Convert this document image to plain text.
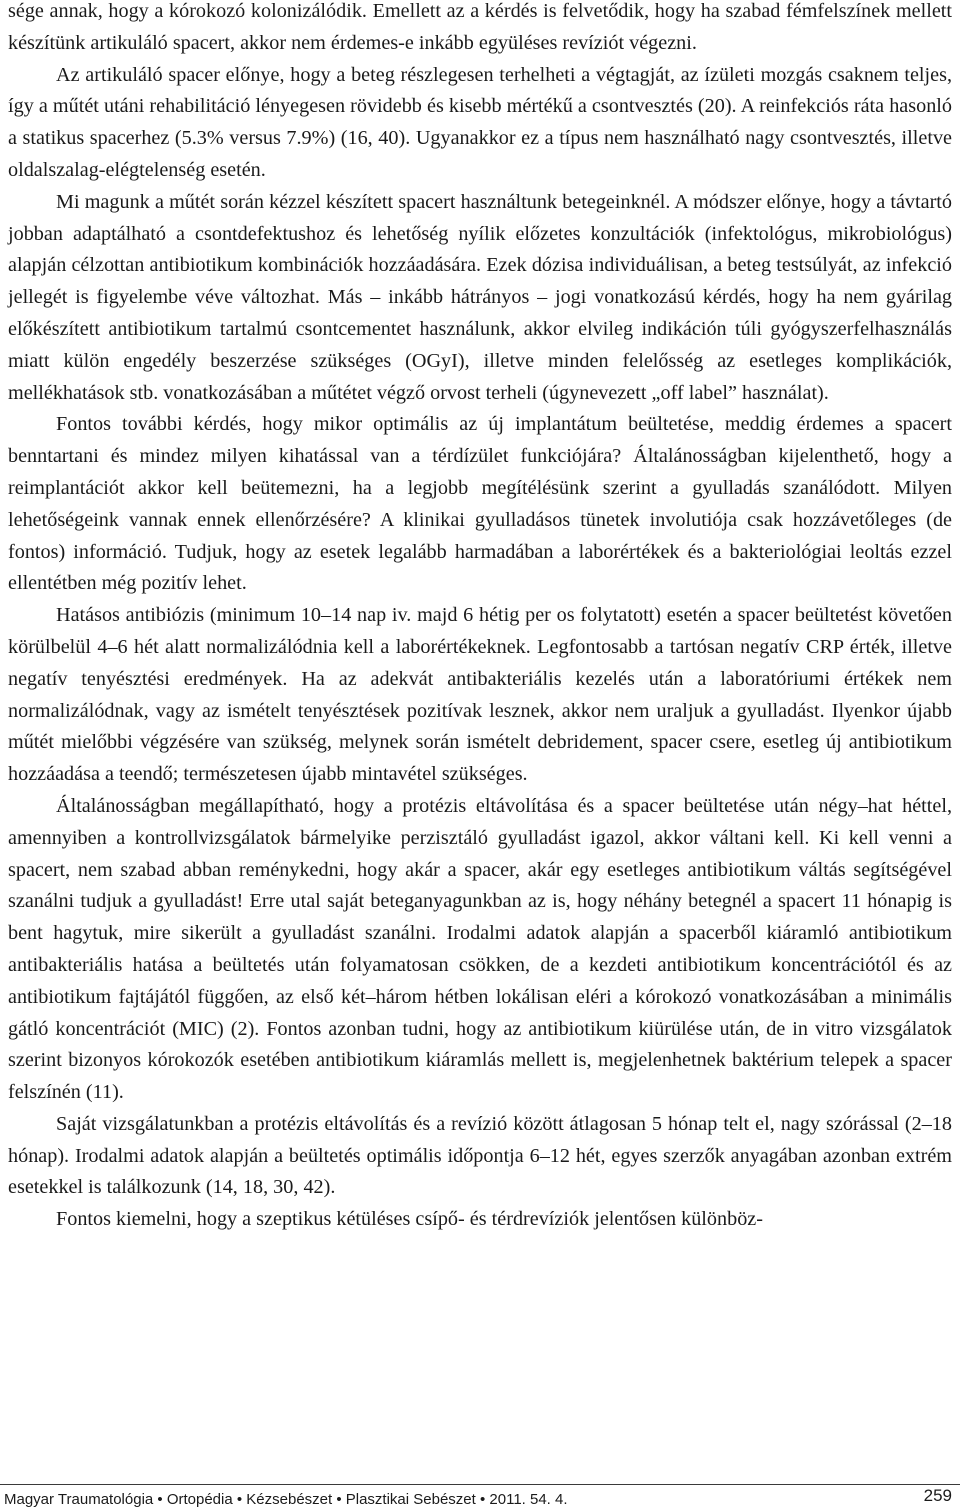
sége annak, hogy a kórokozó kolonizálódik. Emellett az a kérdés is felvetődik, hogy ha szabad fémfelszínek mellett készítünk artikuláló spacert, akkor nem érdemes-e inkább együléses revíziót végezni.

Az artikuláló spacer előnye, hogy a beteg részlegesen terhelheti a végtagját, az ízületi mozgás csaknem teljes, így a műtét utáni rehabilitáció lényegesen rövidebb és kisebb mértékű a csontvesztés (20). A reinfekciós ráta hasonló a statikus spacerhez (5.3% versus 7.9%) (16, 40). Ugyanakkor ez a típus nem használható nagy csontvesztés, illetve oldalszalag-elégtelenség esetén.

Mi magunk a műtét során kézzel készített spacert használtunk betegeinknél. A módszer előnye, hogy a távtartó jobban adaptálható a csontdefektushoz és lehetőség nyílik előzetes konzultációk (infektológus, mikrobiológus) alapján célzottan antibiotikum kombinációk hozzáadására. Ezek dózisa individuálisan, a beteg testsúlyát, az infekció jellegét is figyelembe véve változhat. Más – inkább hátrányos – jogi vonatkozású kérdés, hogy ha nem gyárilag előkészített antibiotikum tartalmú csontcementet használunk, akkor elvileg indikáción túli gyógyszerfelhasználás miatt külön engedély beszerzése szükséges (OGyI), illetve minden felelősség az esetleges komplikációk, mellékhatások stb. vonatkozásában a műtétet végző orvost terheli (úgynevezett „off label” használat).

Fontos további kérdés, hogy mikor optimális az új implantátum beültetése, meddig érdemes a spacert benntartani és mindez milyen kihatással van a térdízület funkciójára? Általánosságban kijelenthető, hogy a reimplantációt akkor kell beütemezni, ha a legjobb megítélésünk szerint a gyulladás szanálódott. Milyen lehetőségeink vannak ennek ellenőrzésére? A klinikai gyulladásos tünetek involutiója csak hozzávetőleges (de fontos) információ. Tudjuk, hogy az esetek legalább harmadában a laborértékek és a bakteriológiai leoltás ezzel ellentétben még pozitív lehet.

Hatásos antibiózis (minimum 10–14 nap iv. majd 6 hétig per os folytatott) esetén a spacer beültetést követően körülbelül 4–6 hét alatt normalizálódnia kell a laborértékeknek. Legfontosabb a tartósan negatív CRP érték, illetve negatív tenyésztési eredmények. Ha az adekvát antibakteriális kezelés után a laboratóriumi értékek nem normalizálódnak, vagy az ismételt tenyésztések pozitívak lesznek, akkor nem uraljuk a gyulladást. Ilyenkor újabb műtét mielőbbi végzésére van szükség, melynek során ismételt debridement, spacer csere, esetleg új antibiotikum hozzáadása a teendő; természetesen újabb mintavétel szükséges.

Általánosságban megállapítható, hogy a protézis eltávolítása és a spacer beültetése után négy–hat héttel, amennyiben a kontrollvizsgálatok bármelyike perzisztáló gyulladást igazol, akkor váltani kell. Ki kell venni a spacert, nem szabad abban reménykedni, hogy akár a spacer, akár egy esetleges antibiotikum váltás segítségével szanálni tudjuk a gyulladást! Erre utal saját beteganyagunkban az is, hogy néhány betegnél a spacert 11 hónapig is bent hagytuk, mire sikerült a gyulladást szanálni. Irodalmi adatok alapján a spacerből kiáramló antibiotikum antibakteriális hatása a beültetés után folyamatosan csökken, de a kezdeti antibiotikum koncentrációtól és az antibiotikum fajtájától függően, az első két–három hétben lokálisan eléri a kórokozó vonatkozásában a minimális gátló koncentrációt (MIC) (2). Fontos azonban tudni, hogy az antibiotikum kiürülése után, de in vitro vizsgálatok szerint bizonyos kórokozók esetében antibiotikum kiáramlás mellett is, megjelenhetnek baktérium telepek a spacer felszínén (11).

Saját vizsgálatunkban a protézis eltávolítás és a revízió között átlagosan 5 hónap telt el, nagy szórással (2–18 hónap). Irodalmi adatok alapján a beültetés optimális időpontja 6–12 hét, egyes szerzők anyagában azonban extrém esetekkel is találkozunk (14, 18, 30, 42).

Fontos kiemelni, hogy a szeptikus kétüléses csípő- és térdrevíziók jelentősen különböz-

Magyar Traumatológia • Ortopédia • Kézsebészet • Plasztikai Sebészet • 2011. 54. 4.	259
